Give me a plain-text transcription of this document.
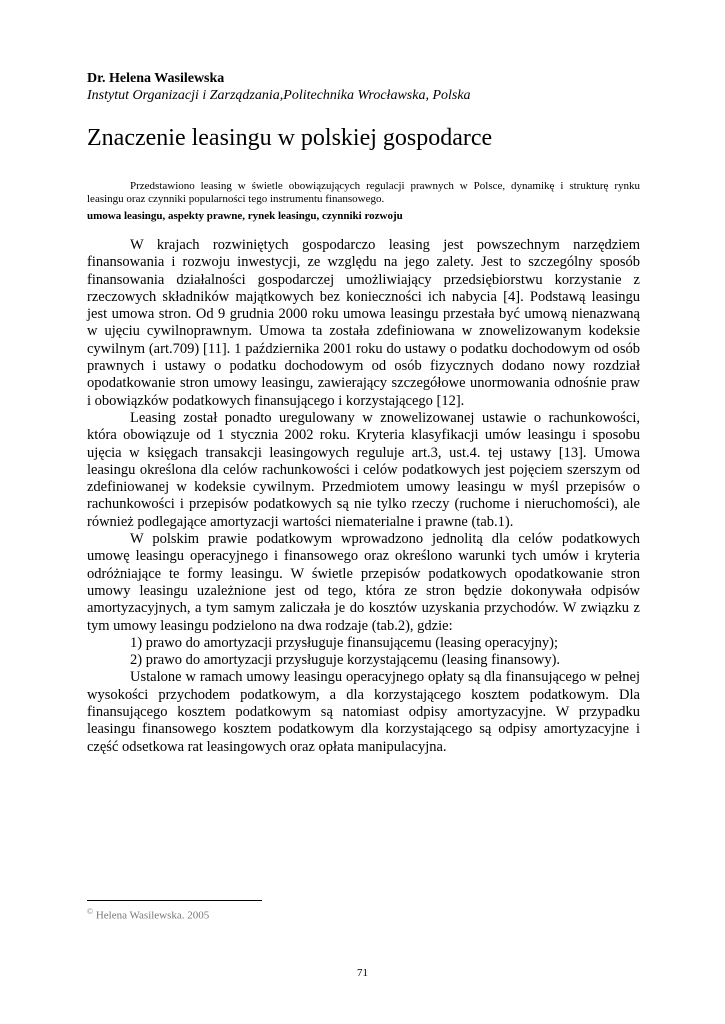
Dr. Helena Wasilewska
Instytut Organizacji i Zarządzania,Politechnika Wrocławska, Polska
Znaczenie leasingu w polskiej gospodarce
Przedstawiono leasing w świetle obowiązujących regulacji prawnych w Polsce, dynamikę i strukturę rynku leasingu oraz czynniki popularności tego instrumentu finansowego.
umowa leasingu, aspekty prawne, rynek leasingu, czynniki rozwoju

W krajach rozwiniętych gospodarczo leasing jest powszechnym narzędziem finansowania i rozwoju inwestycji, ze względu na jego zalety. Jest to szczególny sposób finansowania działalności gospodarczej umożliwiający przedsiębiorstwu korzystanie z rzeczowych składników majątkowych bez konieczności ich nabycia [4]. Podstawą leasingu jest umowa stron. Od 9 grudnia 2000 roku umowa leasingu przestała być umową nienazwaną w ujęciu cywilnoprawnym. Umowa ta została zdefiniowana w znowelizowanym kodeksie cywilnym (art.709) [11]. 1 października 2001 roku do ustawy o podatku dochodowym od osób prawnych i ustawy o podatku dochodowym od osób fizycznych dodano nowy rozdział opodatkowanie stron umowy leasingu, zawierający szczegółowe unormowania odnośnie praw i obowiązków podatkowych finansującego i korzystającego [12].

Leasing został ponadto uregulowany w znowelizowanej ustawie o rachunkowości, która obowiązuje od 1 stycznia 2002 roku. Kryteria klasyfikacji umów leasingu i sposobu ujęcia w księgach transakcji leasingowych reguluje art.3, ust.4. tej ustawy [13]. Umowa leasingu określona dla celów rachunkowości i celów podatkowych jest pojęciem szerszym od zdefiniowanej w kodeksie cywilnym. Przedmiotem umowy leasingu w myśl przepisów o rachunkowości i przepisów podatkowych są nie tylko rzeczy (ruchome i nieruchomości), ale również podlegające amortyzacji wartości niematerialne i prawne (tab.1).

W polskim prawie podatkowym wprowadzono jednolitą dla celów podatkowych umowę leasingu operacyjnego i finansowego oraz określono warunki tych umów i kryteria odróżniające te formy leasingu. W świetle przepisów podatkowych opodatkowanie stron umowy leasingu uzależnione jest od tego, która ze stron będzie dokonywała odpisów amortyzacyjnych, a tym samym zaliczała je do kosztów uzyskania przychodów. W związku z tym umowy leasingu podzielono na dwa rodzaje (tab.2), gdzie:

1) prawo do amortyzacji przysługuje finansującemu (leasing operacyjny);

2) prawo do amortyzacji przysługuje korzystającemu (leasing finansowy).

Ustalone w ramach umowy leasingu operacyjnego opłaty są dla finansującego w pełnej wysokości przychodem podatkowym, a dla korzystającego kosztem podatkowym. Dla finansującego kosztem podatkowym są natomiast odpisy amortyzacyjne. W przypadku leasingu finansowego kosztem podatkowym dla korzystającego są odpisy amortyzacyjne i część odsetkowa rat leasingowych oraz opłata manipulacyjna.

© Helena Wasilewska. 2005
71
